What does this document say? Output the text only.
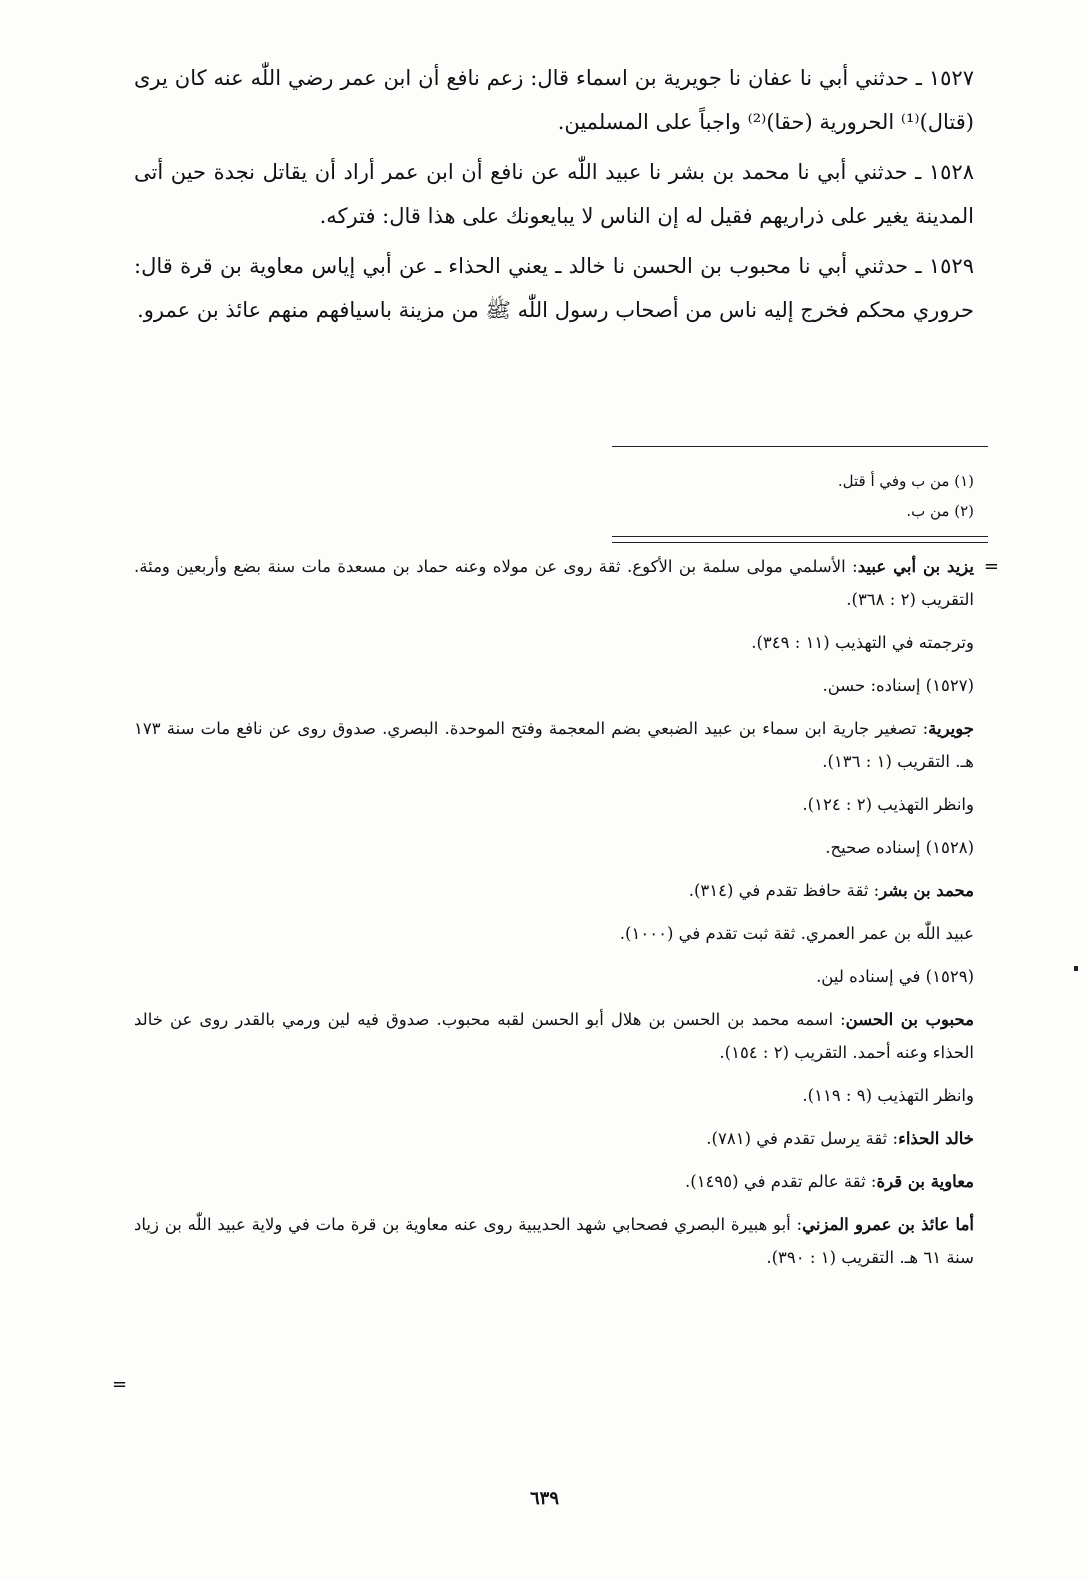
١٥٢٧ ـ حدثني أبي نا عفان نا جويرية بن اسماء قال: زعم نافع أن ابن عمر رضي اللّٰه عنه كان يرى (قتال)⁽¹⁾ الحرورية (حقا)⁽²⁾ واجباً على المسلمين.

١٥٢٨ ـ حدثني أبي نا محمد بن بشر نا عبيد اللّٰه عن نافع أن ابن عمر أراد أن يقاتل نجدة حين أتى المدينة يغير على ذراريهم فقيل له إن الناس لا يبايعونك على هذا قال: فتركه.

١٥٢٩ ـ حدثني أبي نا محبوب بن الحسن نا خالد ـ يعني الحذاء ـ عن أبي إياس معاوية بن قرة قال: حروري محكم فخرج إليه ناس من أصحاب رسول اللّٰه ﷺ من مزينة باسيافهم منهم عائذ بن عمرو.

(١) من ب وفي أ قتل.

(٢) من ب.

=

يزيد بن أبي عبيد: الأسلمي مولى سلمة بن الأكوع. ثقة روى عن مولاه وعنه حماد بن مسعدة مات سنة بضع وأربعين ومئة. التقريب (٢ : ٣٦٨).

وترجمته في التهذيب (١١ : ٣٤٩).

(١٥٢٧) إسناده: حسن.

جويرية: تصغير جارية ابن سماء بن عبيد الضبعي بضم المعجمة وفتح الموحدة. البصري. صدوق روى عن نافع مات سنة ١٧٣ هـ. التقريب (١ : ١٣٦).

وانظر التهذيب (٢ : ١٢٤).

(١٥٢٨) إسناده صحيح.

محمد بن بشر: ثقة حافظ تقدم في (٣١٤).

عبيد اللّٰه بن عمر العمري. ثقة ثبت تقدم في (١٠٠٠).

(١٥٢٩) في إسناده لين.

محبوب بن الحسن: اسمه محمد بن الحسن بن هلال أبو الحسن لقبه محبوب. صدوق فيه لين ورمي بالقدر روى عن خالد الحذاء وعنه أحمد. التقريب (٢ : ١٥٤).

وانظر التهذيب (٩ : ١١٩).

خالد الحذاء: ثقة يرسل تقدم في (٧٨١).

معاوية بن قرة: ثقة عالم تقدم في (١٤٩٥).

أما عائذ بن عمرو المزني: أبو هبيرة البصري فصحابي شهد الحديبية روى عنه معاوية بن قرة مات في ولاية عبيد اللّٰه بن زياد سنة ٦١ هـ. التقريب (١ : ٣٩٠).

=
٦٣٩
